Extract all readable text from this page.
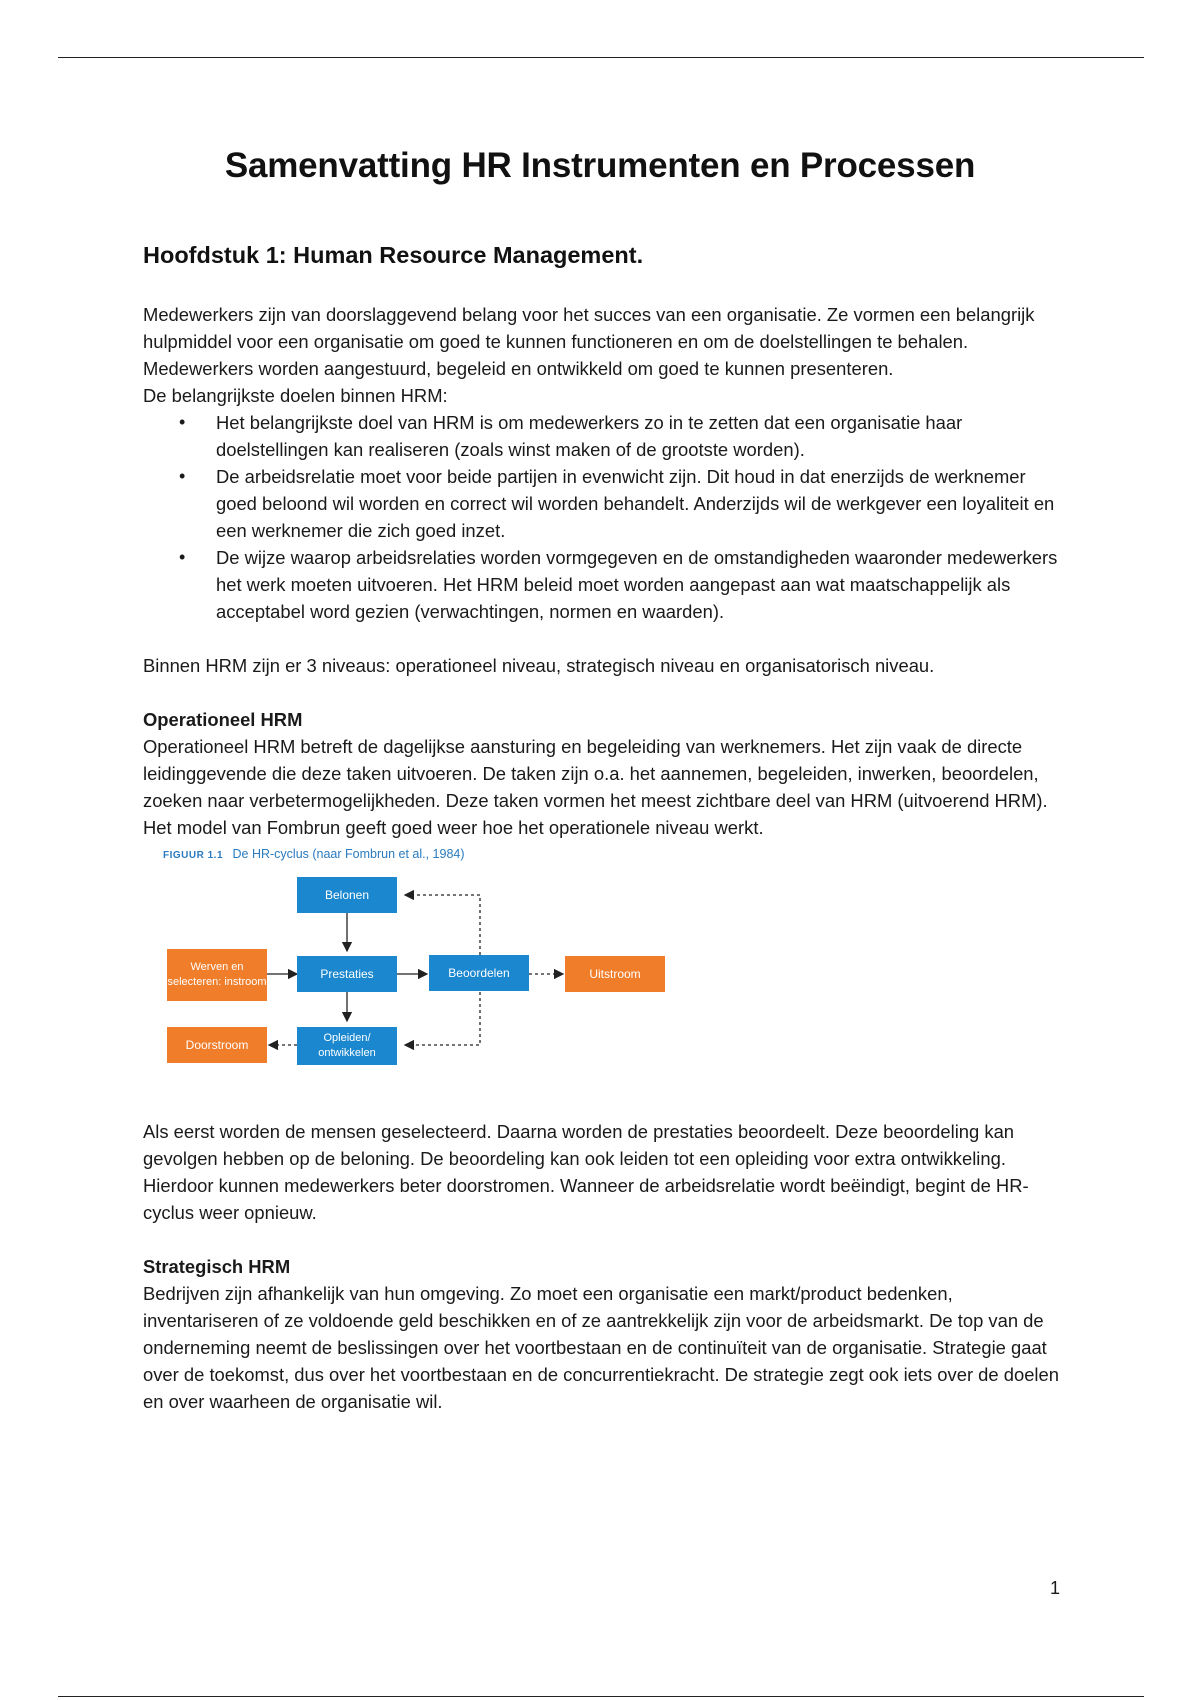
Samenvatting HR Instrumenten en Processen
Hoofdstuk 1: Human Resource Management.

Medewerkers zijn van doorslaggevend belang voor het succes van een organisatie. Ze vormen een belangrijk hulpmiddel voor een organisatie om goed te kunnen functioneren en om de doelstellingen te behalen. Medewerkers worden aangestuurd, begeleid en ontwikkeld om goed te kunnen presenteren.

De belangrijkste doelen binnen HRM:

• Het belangrijkste doel van HRM is om medewerkers zo in te zetten dat een organisatie haar doelstellingen kan realiseren (zoals winst maken of de grootste worden).
• De arbeidsrelatie moet voor beide partijen in evenwicht zijn. Dit houd in dat enerzijds de werknemer goed beloond wil worden en correct wil worden behandelt. Anderzijds wil de werkgever een loyaliteit en een werknemer die zich goed inzet.
• De wijze waarop arbeidsrelaties worden vormgegeven en de omstandigheden waaronder medewerkers het werk moeten uitvoeren. Het HRM beleid moet worden aangepast aan wat maatschappelijk als acceptabel word gezien (verwachtingen, normen en waarden).

Binnen HRM zijn er 3 niveaus: operationeel niveau, strategisch niveau en organisatorisch niveau.

Operationeel HRM

Operationeel HRM betreft de dagelijkse aansturing en begeleiding van werknemers. Het zijn vaak de directe leidinggevende die deze taken uitvoeren. De taken zijn o.a. het aannemen, begeleiden, inwerken, beoordelen, zoeken naar verbetermogelijkheden. Deze taken vormen het meest zichtbare deel van HRM (uitvoerend HRM). Het model van Fombrun geeft goed weer hoe het operationele niveau werkt.

FIGUUR 1.1 De HR-cyclus (naar Fombrun et al., 1984)
Belonen
Werven en selecteren: instroom
Prestaties	Beoordelen	Uitstroom
Doorstroom	Opleiden/ ontwikkelen

Als eerst worden de mensen geselecteerd. Daarna worden de prestaties beoordeelt. Deze beoordeling kan gevolgen hebben op de beloning. De beoordeling kan ook leiden tot een opleiding voor extra ontwikkeling. Hierdoor kunnen medewerkers beter doorstromen. Wanneer de arbeidsrelatie wordt beëindigt, begint de HR-cyclus weer opnieuw.

Strategisch HRM

Bedrijven zijn afhankelijk van hun omgeving. Zo moet een organisatie een markt/product bedenken, inventariseren of ze voldoende geld beschikken en of ze aantrekkelijk zijn voor de arbeidsmarkt. De top van de onderneming neemt de beslissingen over het voortbestaan en de continuïteit van de organisatie. Strategie gaat over de toekomst, dus over het voortbestaan en de concurrentiekracht. De strategie zegt ook iets over de doelen en over waarheen de organisatie wil.

1
